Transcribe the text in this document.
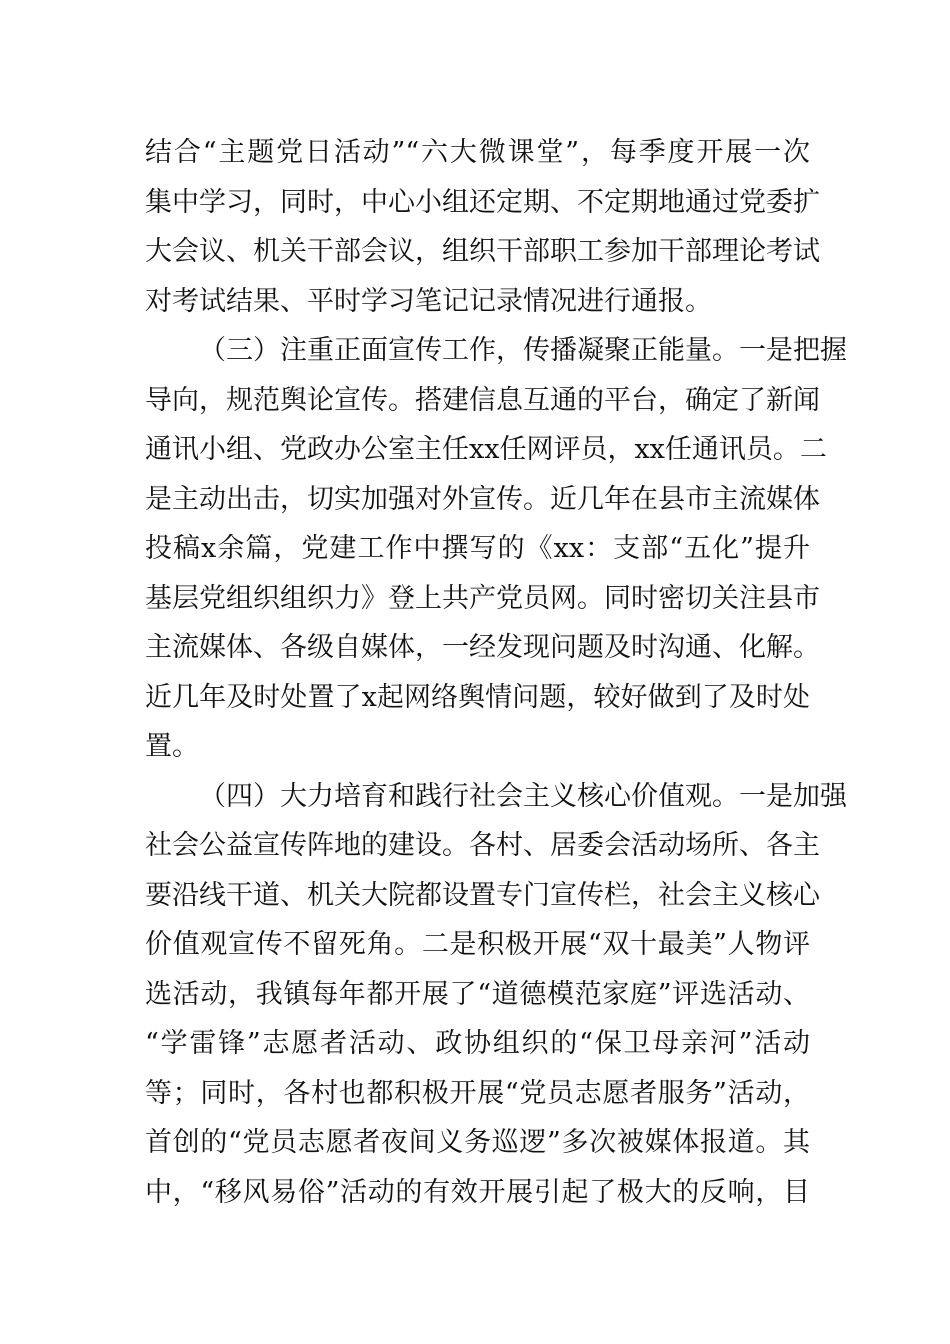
结合“主题党日活动”“六大微课堂”，每季度开展一次
集中学习，同时，中心小组还定期、不定期地通过党委扩
大会议、机关干部会议，组织干部职工参加干部理论考试
对考试结果、平时学习笔记记录情况进行通报。

（三）注重正面宣传工作，传播凝聚正能量。一是把握
导向，规范舆论宣传。搭建信息互通的平台，确定了新闻
通讯小组、党政办公室主任xx任网评员，xx任通讯员。二
是主动出击，切实加强对外宣传。近几年在县市主流媒体
投稿x余篇，党建工作中撰写的《xx：支部“五化”提升
基层党组织组织力》登上共产党员网。同时密切关注县市
主流媒体、各级自媒体，一经发现问题及时沟通、化解。
近几年及时处置了x起网络舆情问题，较好做到了及时处
置。

（四）大力培育和践行社会主义核心价值观。一是加强
社会公益宣传阵地的建设。各村、居委会活动场所、各主
要沿线干道、机关大院都设置专门宣传栏，社会主义核心
价值观宣传不留死角。二是积极开展“双十最美”人物评
选活动，我镇每年都开展了“道德模范家庭”评选活动、
“学雷锋”志愿者活动、政协组织的“保卫母亲河”活动
等；同时，各村也都积极开展“党员志愿者服务”活动，
首创的“党员志愿者夜间义务巡逻”多次被媒体报道。其
中，“移风易俗”活动的有效开展引起了极大的反响，目
